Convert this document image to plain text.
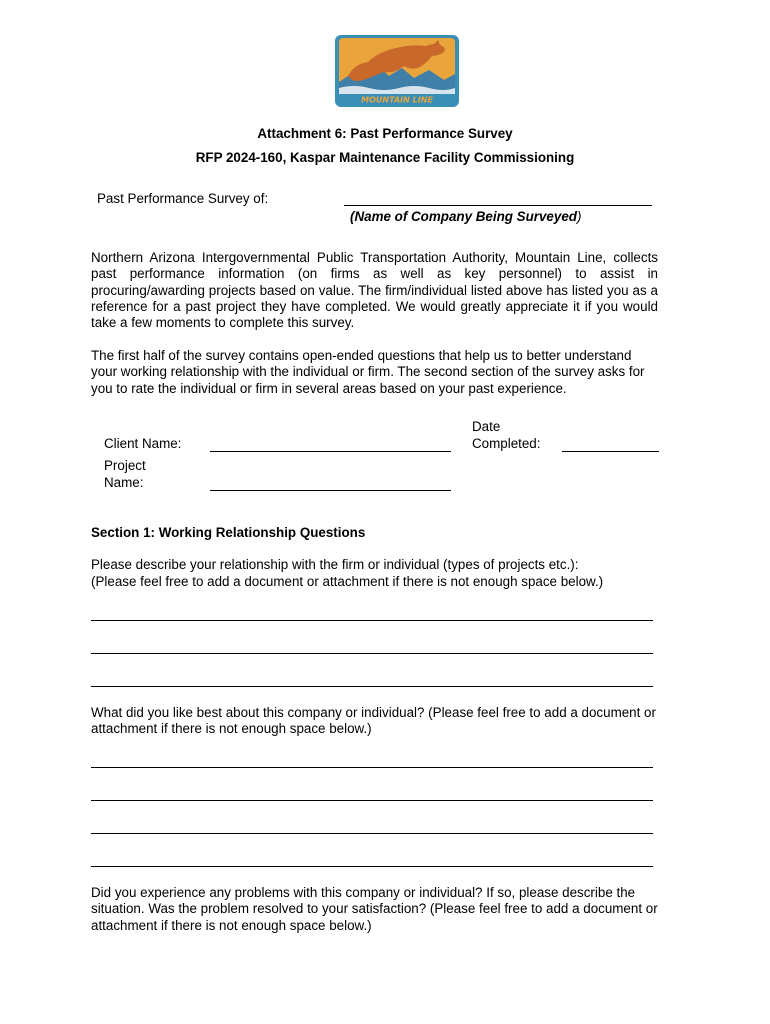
MOUNTAIN LINE
Attachment 6: Past Performance Survey
RFP 2024-160, Kaspar Maintenance Facility Commissioning
Past Performance Survey of:
(Name of Company Being Surveyed)
Northern Arizona Intergovernmental Public Transportation Authority, Mountain Line, collects past performance information (on firms as well as key personnel) to assist in procuring/awarding projects based on value. The firm/individual listed above has listed you as a reference for a past project they have completed. We would greatly appreciate it if you would take a few moments to complete this survey.
The first half of the survey contains open-ended questions that help us to better understand your working relationship with the individual or firm. The second section of the survey asks for you to rate the individual or firm in several areas based on your past experience.
Client Name:
Date
Completed:
Project
Name:
Section 1: Working Relationship Questions
Please describe your relationship with the firm or individual (types of projects etc.):
(Please feel free to add a document or attachment if there is not enough space below.)
What did you like best about this company or individual? (Please feel free to add a document or attachment if there is not enough space below.)
Did you experience any problems with this company or individual? If so, please describe the situation. Was the problem resolved to your satisfaction? (Please feel free to add a document or attachment if there is not enough space below.)
